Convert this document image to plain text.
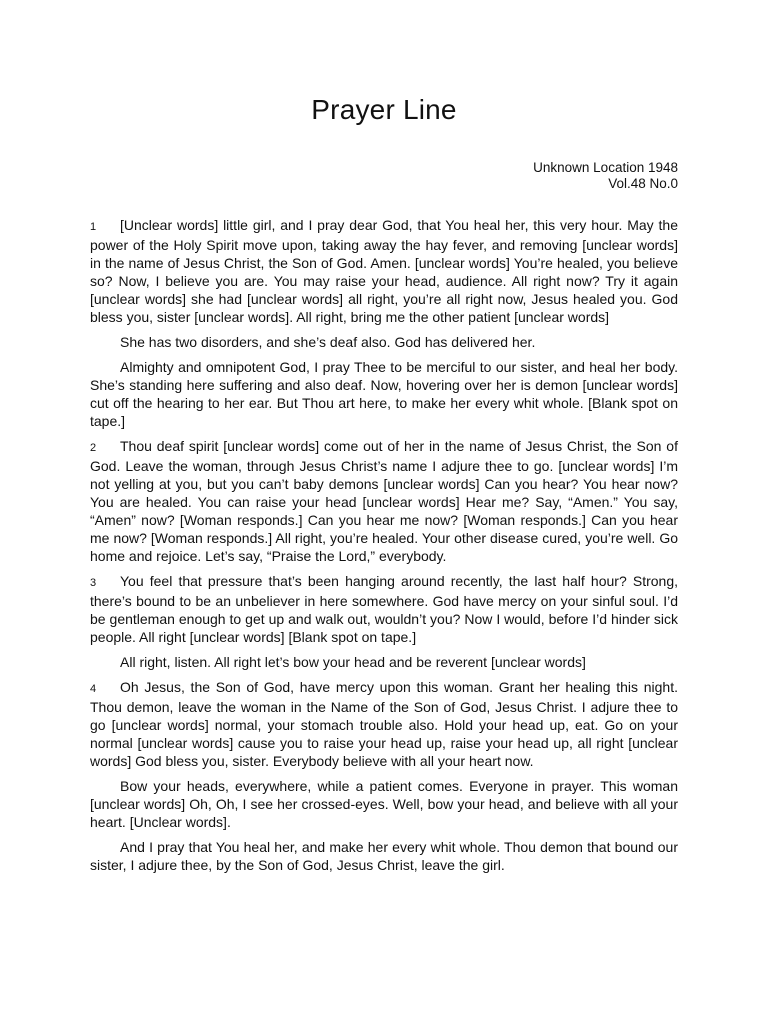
Prayer Line
Unknown Location 1948
Vol.48 No.0

1 [Unclear words] little girl, and I pray dear God, that You heal her, this very hour. May the power of the Holy Spirit move upon, taking away the hay fever, and removing [unclear words] in the name of Jesus Christ, the Son of God. Amen. [unclear words] You’re healed, you believe so? Now, I believe you are. You may raise your head, audience. All right now? Try it again [unclear words] she had [unclear words] all right, you’re all right now, Jesus healed you. God bless you, sister [unclear words]. All right, bring me the other patient [unclear words]

She has two disorders, and she’s deaf also. God has delivered her.

Almighty and omnipotent God, I pray Thee to be merciful to our sister, and heal her body. She’s standing here suffering and also deaf. Now, hovering over her is demon [unclear words] cut off the hearing to her ear. But Thou art here, to make her every whit whole. [Blank spot on tape.]

2 Thou deaf spirit [unclear words] come out of her in the name of Jesus Christ, the Son of God. Leave the woman, through Jesus Christ’s name I adjure thee to go. [unclear words] I’m not yelling at you, but you can’t baby demons [unclear words] Can you hear? You hear now? You are healed. You can raise your head [unclear words] Hear me? Say, “Amen.” You say, “Amen” now? [Woman responds.] Can you hear me now? [Woman responds.] Can you hear me now? [Woman responds.] All right, you’re healed. Your other disease cured, you’re well. Go home and rejoice. Let’s say, “Praise the Lord,” everybody.

3 You feel that pressure that’s been hanging around recently, the last half hour? Strong, there’s bound to be an unbeliever in here somewhere. God have mercy on your sinful soul. I’d be gentleman enough to get up and walk out, wouldn’t you? Now I would, before I’d hinder sick people. All right [unclear words] [Blank spot on tape.]

All right, listen. All right let’s bow your head and be reverent [unclear words]

4 Oh Jesus, the Son of God, have mercy upon this woman. Grant her healing this night. Thou demon, leave the woman in the Name of the Son of God, Jesus Christ. I adjure thee to go [unclear words] normal, your stomach trouble also. Hold your head up, eat. Go on your normal [unclear words] cause you to raise your head up, raise your head up, all right [unclear words] God bless you, sister. Everybody believe with all your heart now.

Bow your heads, everywhere, while a patient comes. Everyone in prayer. This woman [unclear words] Oh, Oh, I see her crossed-eyes. Well, bow your head, and believe with all your heart. [Unclear words].

And I pray that You heal her, and make her every whit whole. Thou demon that bound our sister, I adjure thee, by the Son of God, Jesus Christ, leave the girl.
